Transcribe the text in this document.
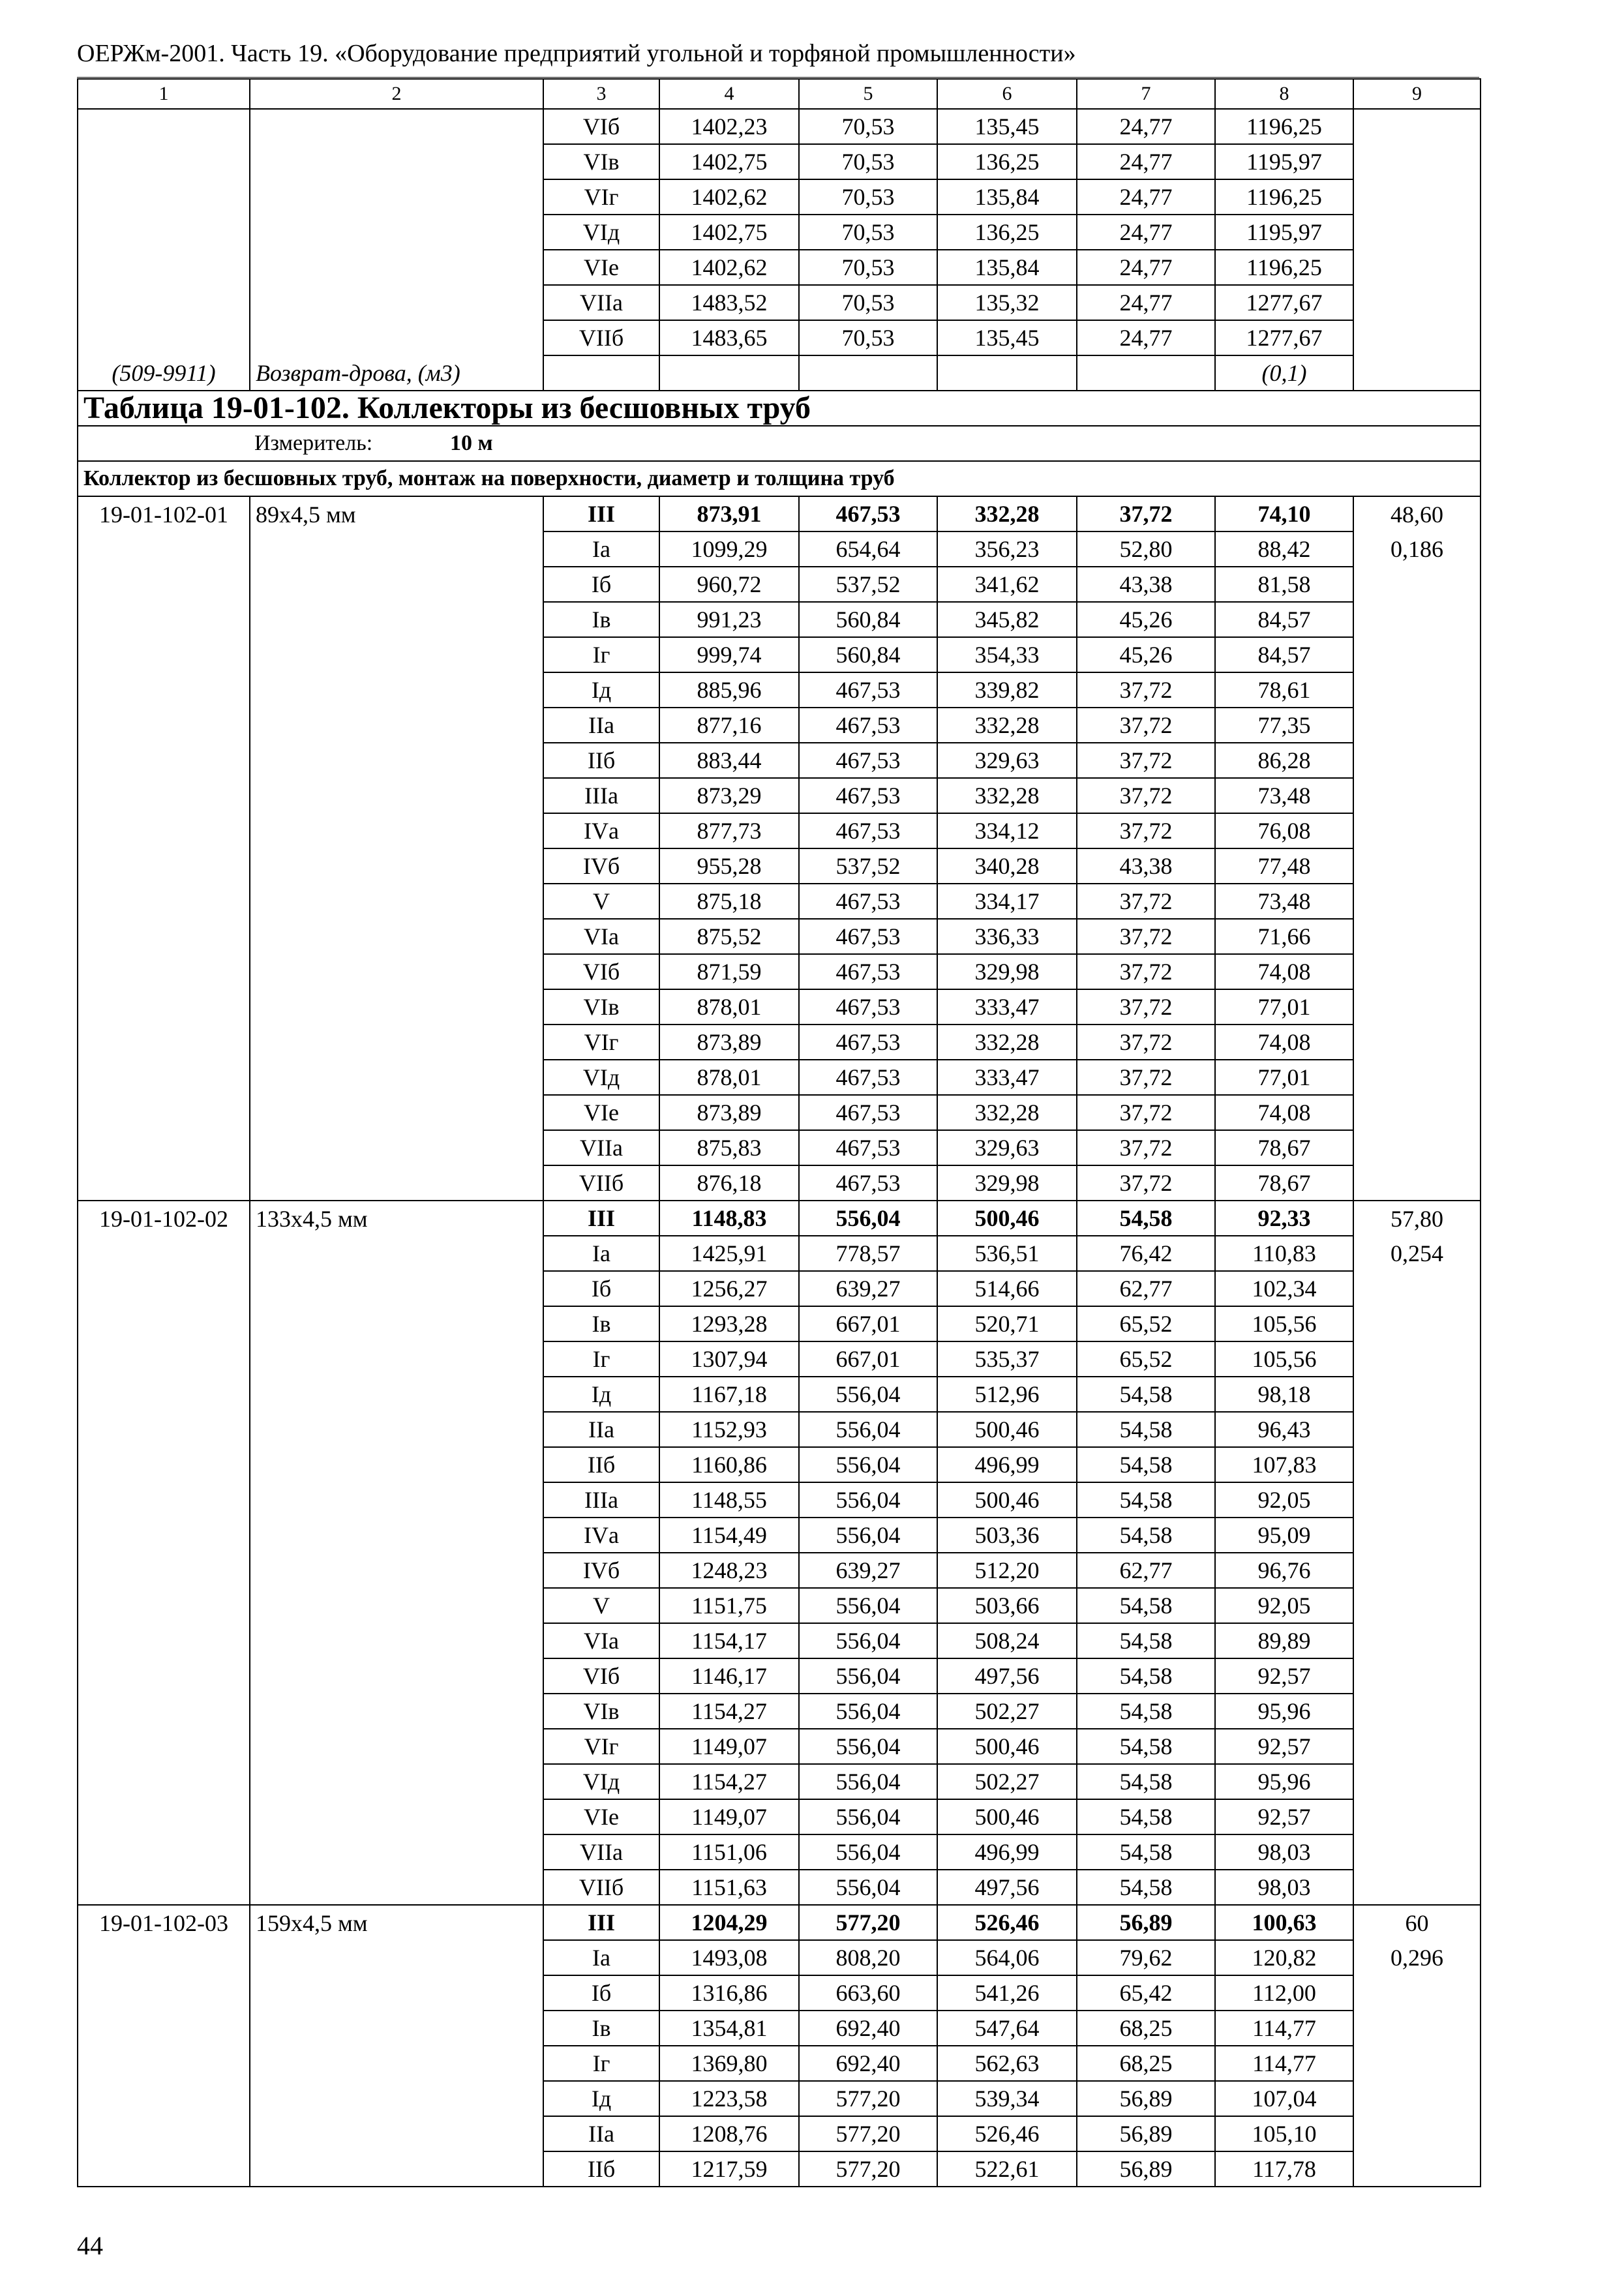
ОЕРЖм-2001. Часть 19. «Оборудование предприятий угольной и торфяной промышленности»
1	2	3	4	5	6	7	8	9
		VIб	1402,23	70,53	135,45	24,77	1196,25	
		VIв	1402,75	70,53	136,25	24,77	1195,97	
		VIг	1402,62	70,53	135,84	24,77	1196,25	
		VIд	1402,75	70,53	136,25	24,77	1195,97	
		VIe	1402,62	70,53	135,84	24,77	1196,25	
		VIIа	1483,52	70,53	135,32	24,77	1277,67	
		VIIб	1483,65	70,53	135,45	24,77	1277,67	
(509-9911)	Возврат-дрова, (м3)						(0,1)	
Таблица 19-01-102. Коллекторы из бесшовных труб								
Измеритель: 10 м								
Коллектор из бесшовных труб, монтаж на поверхности, диаметр и толщина труб								
19-01-102-01	89х4,5 мм	III	873,91	467,53	332,28	37,72	74,10	48,60
		Iа	1099,29	654,64	356,23	52,80	88,42	0,186
		Iб	960,72	537,52	341,62	43,38	81,58	
		Iв	991,23	560,84	345,82	45,26	84,57	
		Iг	999,74	560,84	354,33	45,26	84,57	
		Iд	885,96	467,53	339,82	37,72	78,61	
		IIа	877,16	467,53	332,28	37,72	77,35	
		IIб	883,44	467,53	329,63	37,72	86,28	
		IIIа	873,29	467,53	332,28	37,72	73,48	
		IVа	877,73	467,53	334,12	37,72	76,08	
		IVб	955,28	537,52	340,28	43,38	77,48	
		V	875,18	467,53	334,17	37,72	73,48	
		VIа	875,52	467,53	336,33	37,72	71,66	
		VIб	871,59	467,53	329,98	37,72	74,08	
		VIв	878,01	467,53	333,47	37,72	77,01	
		VIг	873,89	467,53	332,28	37,72	74,08	
		VIд	878,01	467,53	333,47	37,72	77,01	
		VIe	873,89	467,53	332,28	37,72	74,08	
		VIIа	875,83	467,53	329,63	37,72	78,67	
		VIIб	876,18	467,53	329,98	37,72	78,67	
19-01-102-02	133х4,5 мм	III	1148,83	556,04	500,46	54,58	92,33	57,80
		Iа	1425,91	778,57	536,51	76,42	110,83	0,254
		Iб	1256,27	639,27	514,66	62,77	102,34	
		Iв	1293,28	667,01	520,71	65,52	105,56	
		Iг	1307,94	667,01	535,37	65,52	105,56	
		Iд	1167,18	556,04	512,96	54,58	98,18	
		IIа	1152,93	556,04	500,46	54,58	96,43	
		IIб	1160,86	556,04	496,99	54,58	107,83	
		IIIа	1148,55	556,04	500,46	54,58	92,05	
		IVа	1154,49	556,04	503,36	54,58	95,09	
		IVб	1248,23	639,27	512,20	62,77	96,76	
		V	1151,75	556,04	503,66	54,58	92,05	
		VIа	1154,17	556,04	508,24	54,58	89,89	
		VIб	1146,17	556,04	497,56	54,58	92,57	
		VIв	1154,27	556,04	502,27	54,58	95,96	
		VIг	1149,07	556,04	500,46	54,58	92,57	
		VIд	1154,27	556,04	502,27	54,58	95,96	
		VIe	1149,07	556,04	500,46	54,58	92,57	
		VIIа	1151,06	556,04	496,99	54,58	98,03	
		VIIб	1151,63	556,04	497,56	54,58	98,03	
19-01-102-03	159х4,5 мм	III	1204,29	577,20	526,46	56,89	100,63	60
		Iа	1493,08	808,20	564,06	79,62	120,82	0,296
		Iб	1316,86	663,60	541,26	65,42	112,00	
		Iв	1354,81	692,40	547,64	68,25	114,77	
		Iг	1369,80	692,40	562,63	68,25	114,77	
		Iд	1223,58	577,20	539,34	56,89	107,04	
		IIа	1208,76	577,20	526,46	56,89	105,10	
		IIб	1217,59	577,20	522,61	56,89	117,78	
44
